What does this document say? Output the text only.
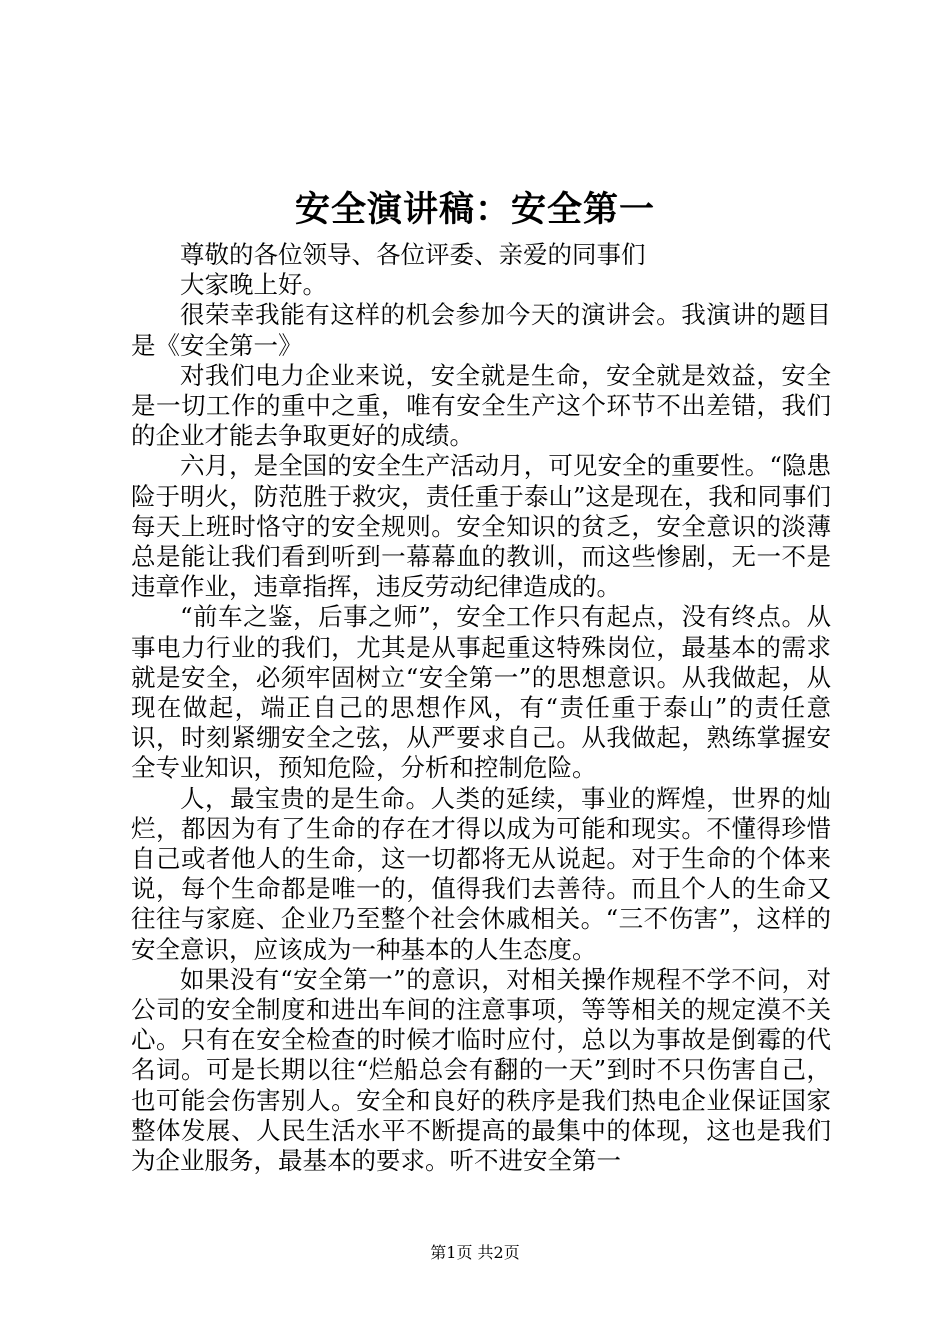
安全演讲稿：安全第一

尊敬的各位领导、各位评委、亲爱的同事们

大家晚上好。

很荣幸我能有这样的机会参加今天的演讲会。我演讲的题目是《安全第一》

对我们电力企业来说，安全就是生命，安全就是效益，安全是一切工作的重中之重，唯有安全生产这个环节不出差错，我们的企业才能去争取更好的成绩。

六月，是全国的安全生产活动月，可见安全的重要性。“隐患险于明火，防范胜于救灾，责任重于泰山”这是现在，我和同事们每天上班时恪守的安全规则。安全知识的贫乏，安全意识的淡薄总是能让我们看到听到一幕幕血的教训，而这些惨剧，无一不是违章作业，违章指挥，违反劳动纪律造成的。

“前车之鉴，后事之师”，安全工作只有起点，没有终点。从事电力行业的我们，尤其是从事起重这特殊岗位，最基本的需求就是安全，必须牢固树立“安全第一”的思想意识。从我做起，从现在做起，端正自己的思想作风，有“责任重于泰山”的责任意识，时刻紧绷安全之弦，从严要求自己。从我做起，熟练掌握安全专业知识，预知危险，分析和控制危险。

人，最宝贵的是生命。人类的延续，事业的辉煌，世界的灿烂，都因为有了生命的存在才得以成为可能和现实。不懂得珍惜自己或者他人的生命，这一切都将无从说起。对于生命的个体来说，每个生命都是唯一的，值得我们去善待。而且个人的生命又往往与家庭、企业乃至整个社会休戚相关。“三不伤害”，这样的安全意识，应该成为一种基本的人生态度。

如果没有“安全第一”的意识，对相关操作规程不学不问，对公司的安全制度和进出车间的注意事项，等等相关的规定漠不关心。只有在安全检查的时候才临时应付，总以为事故是倒霉的代名词。可是长期以往“烂船总会有翻的一天”到时不只伤害自己，也可能会伤害别人。安全和良好的秩序是我们热电企业保证国家整体发展、人民生活水平不断提高的最集中的体现，这也是我们为企业服务，最基本的要求。听不进安全第一

第1页 共2页
